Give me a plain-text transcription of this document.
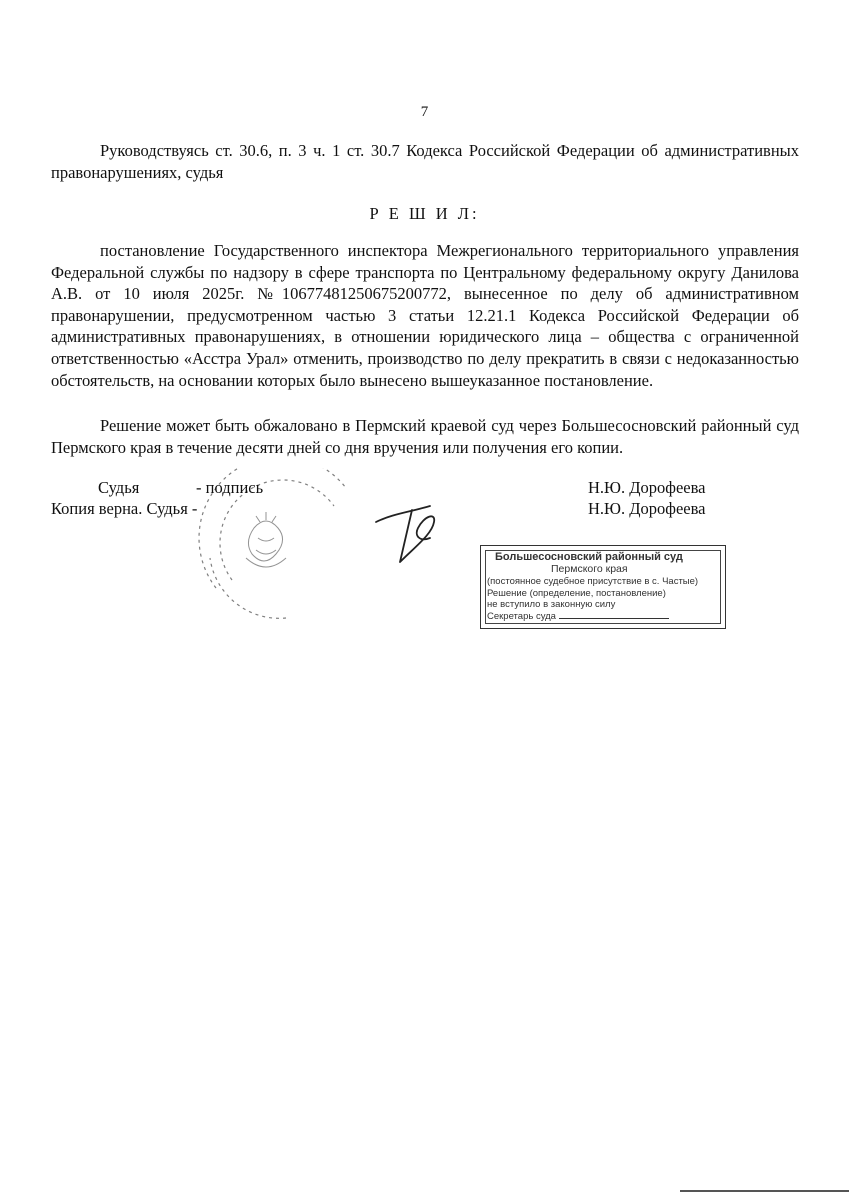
7
Руководствуясь ст. 30.6, п. 3 ч. 1 ст. 30.7 Кодекса Российской Федерации об административных правонарушениях, судья
Р Е Ш И Л:
постановление Государственного инспектора Межрегионального территориального управления Федеральной службы по надзору в сфере транспорта по Центральному федеральному округу Данилова А.В. от 10 июля 2025г. №10677481250675200772, вынесенное по делу об административном правонарушении, предусмотренном частью 3 статьи 12.21.1 Кодекса Российской Федерации об административных правонарушениях, в отношении юридического лица – общества с ограниченной ответственностью «Асстра Урал» отменить, производство по делу прекратить в связи с недоказанностью обстоятельств, на основании которых было вынесено вышеуказанное постановление.
Решение может быть обжаловано в Пермский краевой суд через Большесосновский районный суд Пермского края в течение десяти дней со дня вручения или получения его копии.
Судья	- подпись	Н.Ю. Дорофеева
Копия верна. Судья -	Н.Ю. Дорофеева
Большесосновский районный суд
Пермского края
(постоянное судебное присутствие в с. Частые)
Решение (определение, постановление)
не вступило в законную силу
Секретарь суда
